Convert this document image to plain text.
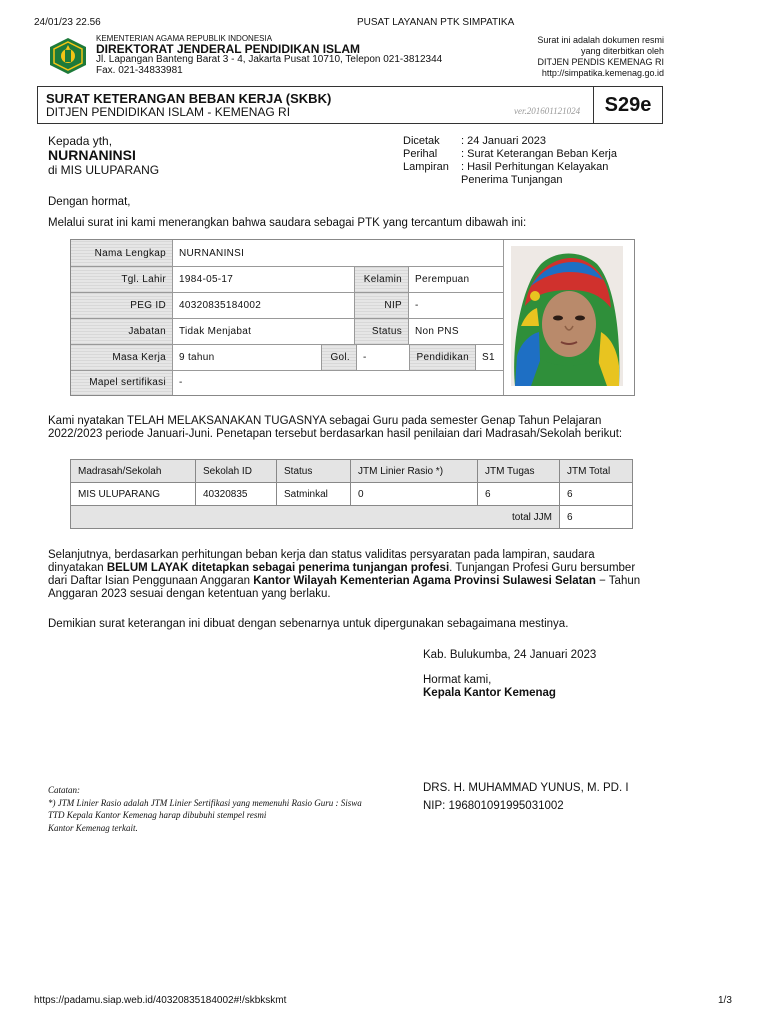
24/01/23 22.56	PUSAT LAYANAN PTK SIMPATIKA
https://padamu.siap.web.id/40320835184002#!/skbkskmt	1/3
KEMENTERIAN AGAMA REPUBLIK INDONESIA
DIREKTORAT JENDERAL PENDIDIKAN ISLAM
Jl. Lapangan Banteng Barat 3 - 4, Jakarta Pusat 10710, Telepon 021-3812344
Fax. 021-34833981
Surat ini adalah dokumen resmi
yang diterbitkan oleh
DITJEN PENDIS KEMENAG RI
http://simpatika.kemenag.go.id
SURAT KETERANGAN BEBAN KERJA (SKBK)
DITJEN PENDIDIKAN ISLAM - KEMENAG RI	ver.201601121024	S29e
Kepada yth,
NURNANINSI
di MIS ULUPARANG
Dicetak : 24 Januari 2023
Perihal : Surat Keterangan Beban Kerja
Lampiran : Hasil Perhitungan Kelayakan
Penerima Tunjangan
Dengan hormat,
Melalui surat ini kami menerangkan bahwa saudara sebagai PTK yang tercantum dibawah ini:
Nama Lengkap	NURNANINSI
Tgl. Lahir	1984-05-17	Kelamin	Perempuan
PEG ID	40320835184002	NIP	-
Jabatan	Tidak Menjabat	Status	Non PNS
Masa Kerja	9 tahun	Gol.	-	Pendidikan	S1
Mapel sertifikasi	-
Kami nyatakan TELAH MELAKSANAKAN TUGASNYA sebagai Guru pada semester Genap Tahun Pelajaran
2022/2023 periode Januari-Juni. Penetapan tersebut berdasarkan hasil penilaian dari Madrasah/Sekolah berikut:
Madrasah/Sekolah	Sekolah ID	Status	JTM Linier Rasio *)	JTM Tugas	JTM Total
MIS ULUPARANG	40320835	Satminkal	0	6	6
total JJM					6
Selanjutnya, berdasarkan perhitungan beban kerja dan status validitas persyaratan pada lampiran, saudara
dinyatakan BELUM LAYAK ditetapkan sebagai penerima tunjangan profesi. Tunjangan Profesi Guru bersumber
dari Daftar Isian Penggunaan Anggaran Kantor Wilayah Kementerian Agama Provinsi Sulawesi Selatan − Tahun
Anggaran 2023 sesuai dengan ketentuan yang berlaku.
Demikian surat keterangan ini dibuat dengan sebenarnya untuk dipergunakan sebagaimana mestinya.
Kab. Bulukumba, 24 Januari 2023
Hormat kami,
Kepala Kantor Kemenag
DRS. H. MUHAMMAD YUNUS, M. PD. I
NIP: 196801091995031002
Catatan:
*) JTM Linier Rasio adalah JTM Linier Sertifikasi yang memenuhi Rasio Guru : Siswa
TTD Kepala Kantor Kemenag harap dibubuhi stempel resmi
Kantor Kemenag terkait.
